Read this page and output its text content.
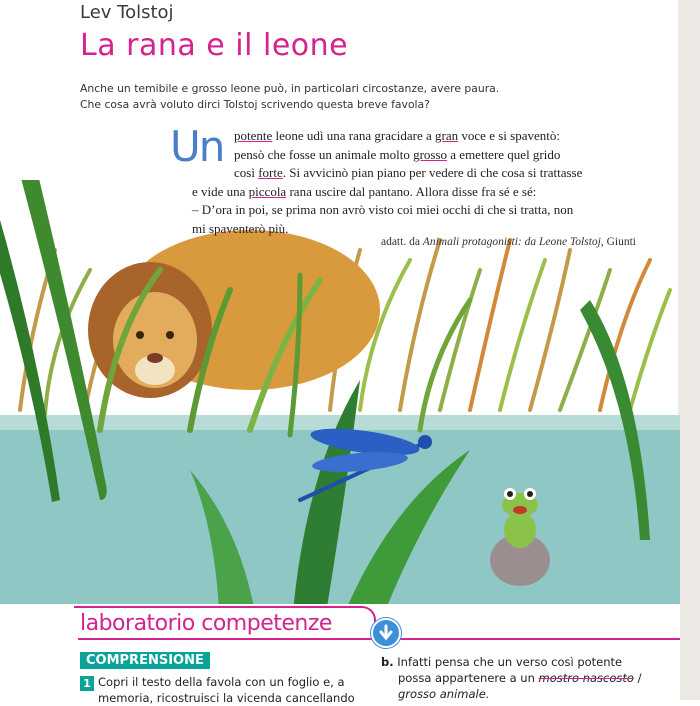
Lev Tolstoj
La rana e il leone
Anche un temibile e grosso leone può, in particolari circostanze, avere paura.
Che cosa avrà voluto dirci Tolstoj scrivendo questa breve favola?
Un potente leone udì una rana gracidare a gran voce e si spaventò:
pensò che fosse un animale molto grosso a emettere quel grido
così forte. Si avvicinò pian piano per vedere di che cosa si trattasse
e vide una piccola rana uscire dal pantano. Allora disse fra sé e sé:
– D’ora in poi, se prima non avrò visto coi miei occhi di che si tratta, non
mi spaventerò più.
adatt. da Animali protagonisti: da Leone Tolstoj, Giunti
laboratorio competenze
COMPRENSIONE
1 Copri il testo della favola con un foglio e, a
memoria, ricostruisci la vicenda cancellando
b. Infatti pensa che un verso così potente
possa appartenere a un mostro nascosto /
grosso animale.
